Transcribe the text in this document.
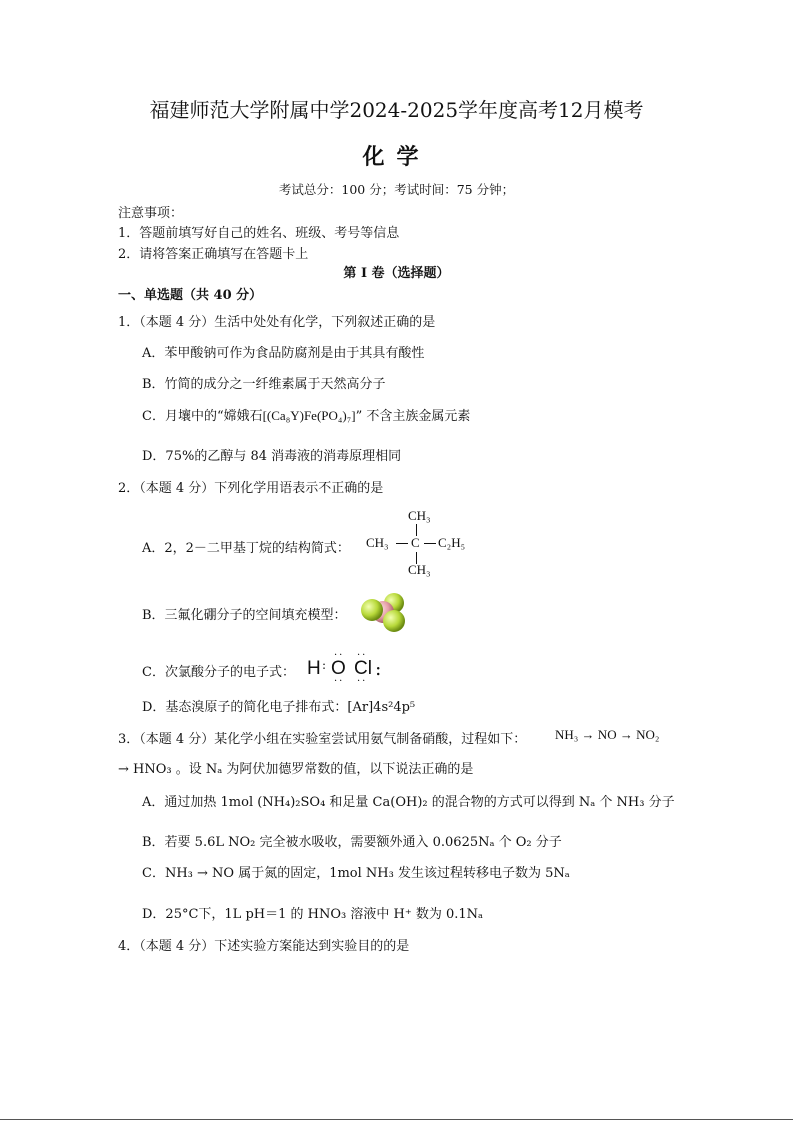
福建师范大学附属中学2024-2025学年度高考12月模考
化学
考试总分：100 分；考试时间：75 分钟；
注意事项：
1．答题前填写好自己的姓名、班级、考号等信息
2．请将答案正确填写在答题卡上
第 I 卷（选择题）
一、单选题（共 40 分）
1．（本题 4 分）生活中处处有化学，下列叙述正确的是
A．苯甲酸钠可作为食品防腐剂是由于其具有酸性
B．竹简的成分之一纤维素属于天然高分子
C．月壤中的“嫦娥石[(Ca₈Y)Fe(PO₄)₇]” 不含主族金属元素
D．75%的乙醇与 84 消毒液的消毒原理相同
2．（本题 4 分）下列化学用语表示不正确的是
A．2，2－二甲基丁烷的结构简式：
CH₃
CH₃ C C₂H₅
CH₃
B．三氟化硼分子的空间填充模型：
C．次氯酸分子的电子式： H : O
··
··
Cl
··
··
:
D．基态溴原子的简化电子排布式：[Ar]4s²4p⁵
3．（本题 4 分）某化学小组在实验室尝试用氨气制备硝酸，过程如下： NH₃ → NO → NO₂
→ HNO₃ 。设 Nₐ 为阿伏加德罗常数的值，以下说法正确的是
A．通过加热 1mol (NH₄)₂SO₄ 和足量 Ca(OH)₂ 的混合物的方式可以得到 Nₐ 个 NH₃ 分子
B．若要 5.6L NO₂ 完全被水吸收，需要额外通入 0.0625Nₐ 个 O₂ 分子
C．NH₃ → NO 属于氮的固定，1mol NH₃ 发生该过程转移电子数为 5Nₐ
D．25°C下，1L pH＝1 的 HNO₃ 溶液中 H⁺ 数为 0.1Nₐ
4．（本题 4 分）下述实验方案能达到实验目的的是
